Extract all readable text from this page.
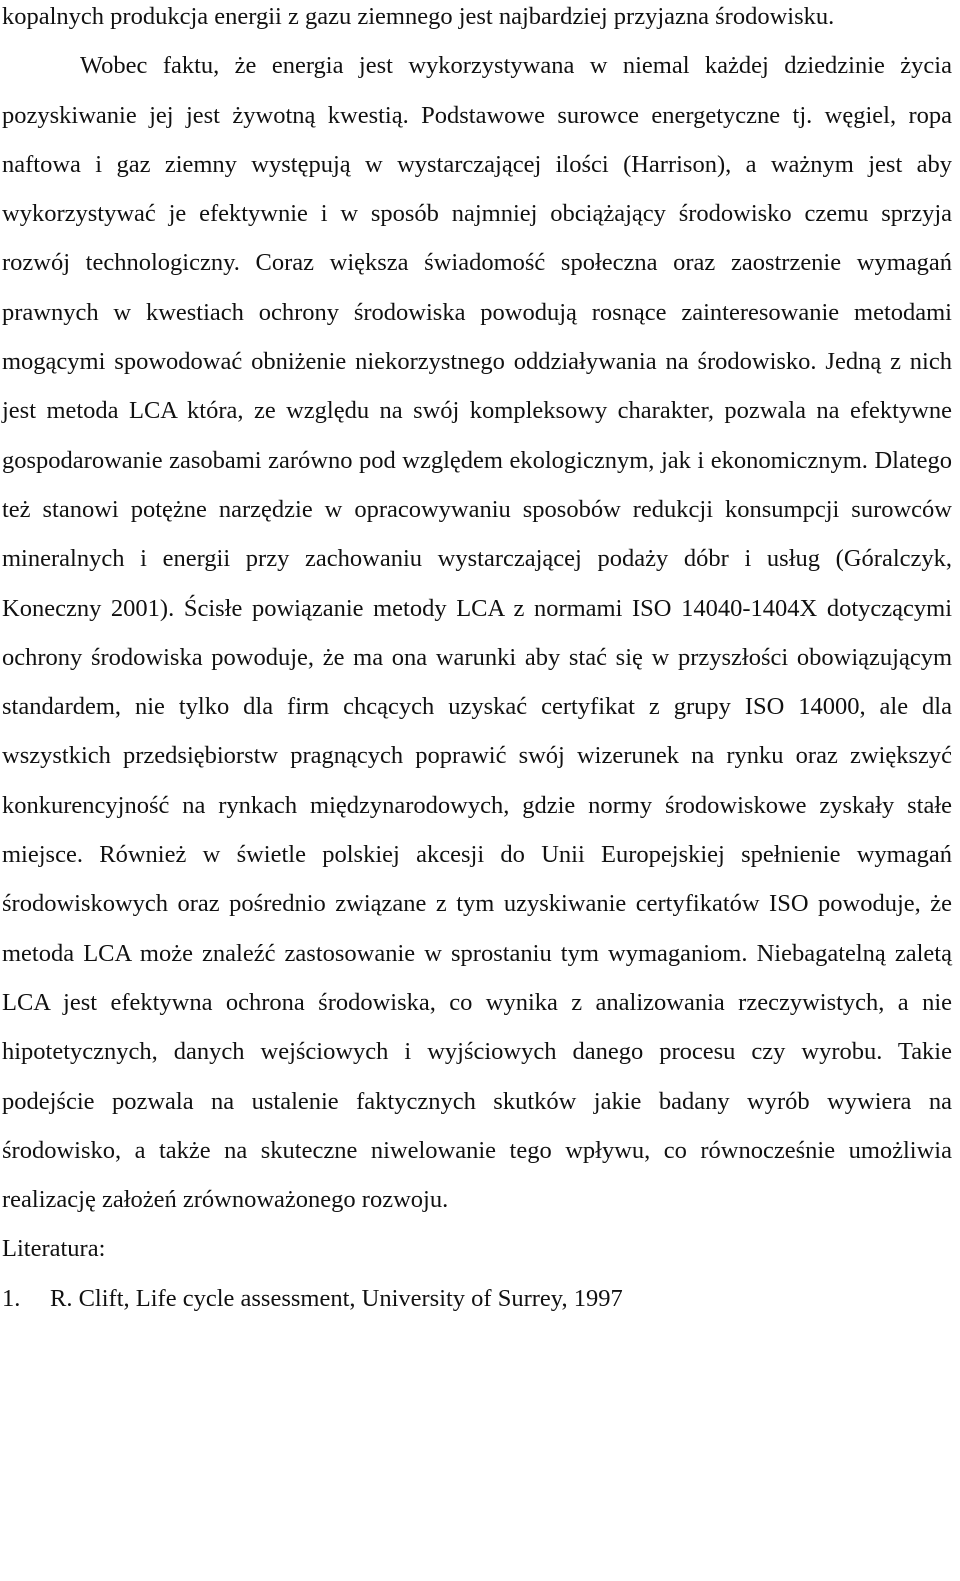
kopalnych produkcja energii z gazu ziemnego jest najbardziej przyjazna środowisku.

Wobec faktu, że energia jest wykorzystywana w niemal każdej dziedzinie życia pozyskiwanie jej jest żywotną kwestią. Podstawowe surowce energetyczne tj. węgiel, ropa naftowa i gaz ziemny występują w wystarczającej ilości (Harrison), a ważnym jest aby wykorzystywać je efektywnie i w sposób najmniej obciążający środowisko czemu sprzyja rozwój technologiczny. Coraz większa świadomość społeczna oraz zaostrzenie wymagań prawnych w kwestiach ochrony środowiska powodują rosnące zainteresowanie metodami mogącymi spowodować obniżenie niekorzystnego oddziaływania na środowisko. Jedną z nich jest metoda LCA która, ze względu na swój kompleksowy charakter, pozwala na efektywne gospodarowanie zasobami zarówno pod względem ekologicznym, jak i ekonomicznym. Dlatego też stanowi potężne narzędzie w opracowywaniu sposobów redukcji konsumpcji surowców mineralnych i energii przy zachowaniu wystarczającej podaży dóbr i usług (Góralczyk, Koneczny 2001). Ścisłe powiązanie metody LCA z normami ISO 14040-1404X dotyczącymi ochrony środowiska powoduje, że ma ona warunki aby stać się w przyszłości obowiązującym standardem, nie tylko dla firm chcących uzyskać certyfikat z grupy ISO 14000, ale dla wszystkich przedsiębiorstw pragnących poprawić swój wizerunek na rynku oraz zwiększyć konkurencyjność na rynkach międzynarodowych, gdzie normy środowiskowe zyskały stałe miejsce. Również w świetle polskiej akcesji do Unii Europejskiej spełnienie wymagań środowiskowych oraz pośrednio związane z tym uzyskiwanie certyfikatów ISO powoduje, że metoda LCA może znaleźć zastosowanie w sprostaniu tym wymaganiom. Niebagatelną zaletą LCA jest efektywna ochrona środowiska, co wynika z analizowania rzeczywistych, a nie hipotetycznych, danych wejściowych i wyjściowych danego procesu czy wyrobu. Takie podejście pozwala na ustalenie faktycznych skutków jakie badany wyrób wywiera na środowisko, a także na skuteczne niwelowanie tego wpływu, co równocześnie umożliwia realizację założeń zrównoważonego rozwoju.

Literatura:

1.	R. Clift, Life cycle assessment, University of Surrey, 1997
